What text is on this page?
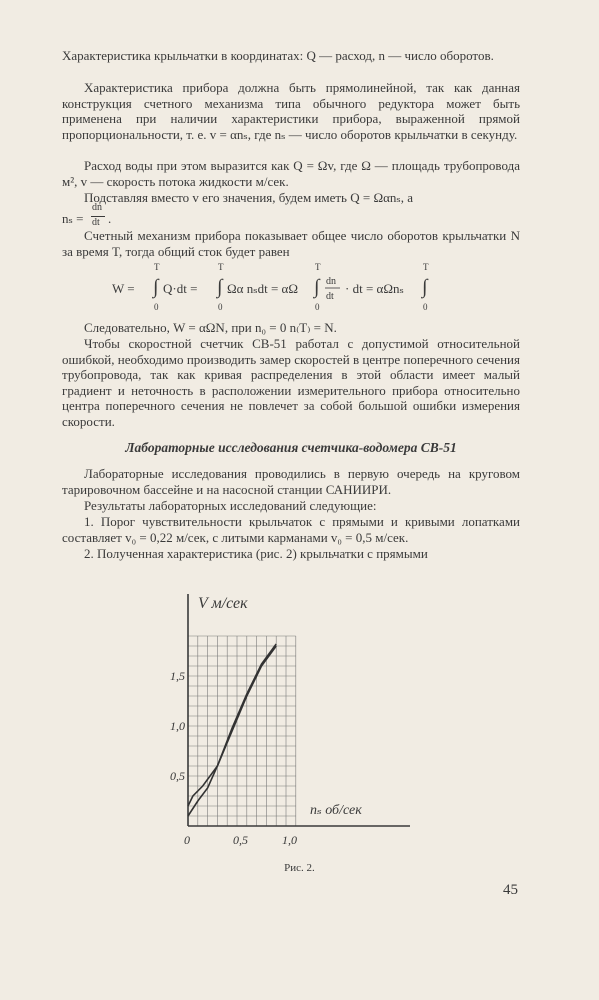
Характеристика крыльчатки в координатах: Q — расход, n — число оборотов.

Характеристика прибора должна быть прямолинейной, так как данная конструкция счетного механизма типа обычного редуктора может быть применена при наличии характеристики прибора, выраженной прямой пропорциональности, т. е. v = αnₛ, где nₛ — число оборотов крыльчатки в секунду.

Расход воды при этом выразится как Q = Ωv, где Ω — площадь трубопровода м², v — скорость потока жидкости м/сек.

Подставляя вместо v его значения, будем иметь Q = Ωαnₛ, а

nₛ =
dn
dt .

Счетный механизм прибора показывает общее число оборотов крыльчатки N за время T, тогда общий сток будет равен

W = ∫
T
0
Q·dt = ∫
T
0
Ωα nₛdt = αΩ ∫
T
0
dn
dt
· dt = αΩnₛ ∫
T
0

Следовательно, W = αΩN, при n₀ = 0 n₍T₎ = N.

Чтобы скоростной счетчик СВ-51 работал с допустимой относительной ошибкой, необходимо производить замер скоростей в центре поперечного сечения трубопровода, так как кривая распределения в этой области имеет малый градиент и неточность в расположении измерительного прибора относительно центра поперечного сечения не повлечет за собой большой ошибки измерения скорости.

Лабораторные исследования счетчика-водомера СВ-51

Лабораторные исследования проводились в первую очередь на круговом тарировочном бассейне и на насосной станции САНИИРИ.

Результаты лабораторных исследований следующие:

1. Порог чувствительности крыльчаток с прямыми и кривыми лопатками составляет v₀ = 0,22 м/сек, с литыми карманами v₀ = 0,5 м/сек.

2. Полученная характеристика (рис. 2) крыльчатки с прямыми

0,5
1,0
1,5
0	0,5	1,0
V м/сек
nₛ об/сек
Рис. 2.
45
